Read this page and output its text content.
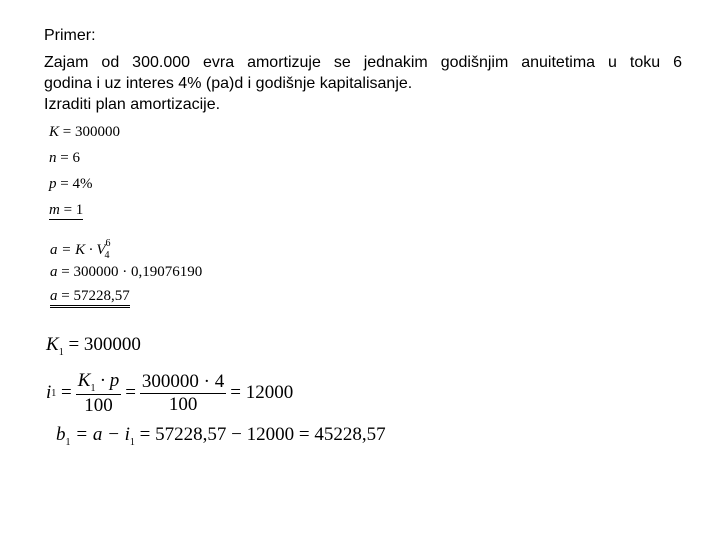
Primer:
Zajam od 300.000 evra amortizuje se jednakim godišnjim anuitetima u toku 6
godina i uz interes 4% (pa)d i godišnje kapitalisanje.
Izraditi plan amortizacije.
K = 300000
n = 6
p = 4%
m = 1
$a = K \cdot V^6_4$
a = 300000 · 0,19076190
a = 57228,57
$K_1 = 300000$
i 1
= $\frac{K_1 \cdot p}{100} = \frac{300000 \cdot 4}{100} = 12000$
$b_1 = a - i_1 = 57228,57 - 12000 = 45228,57$
